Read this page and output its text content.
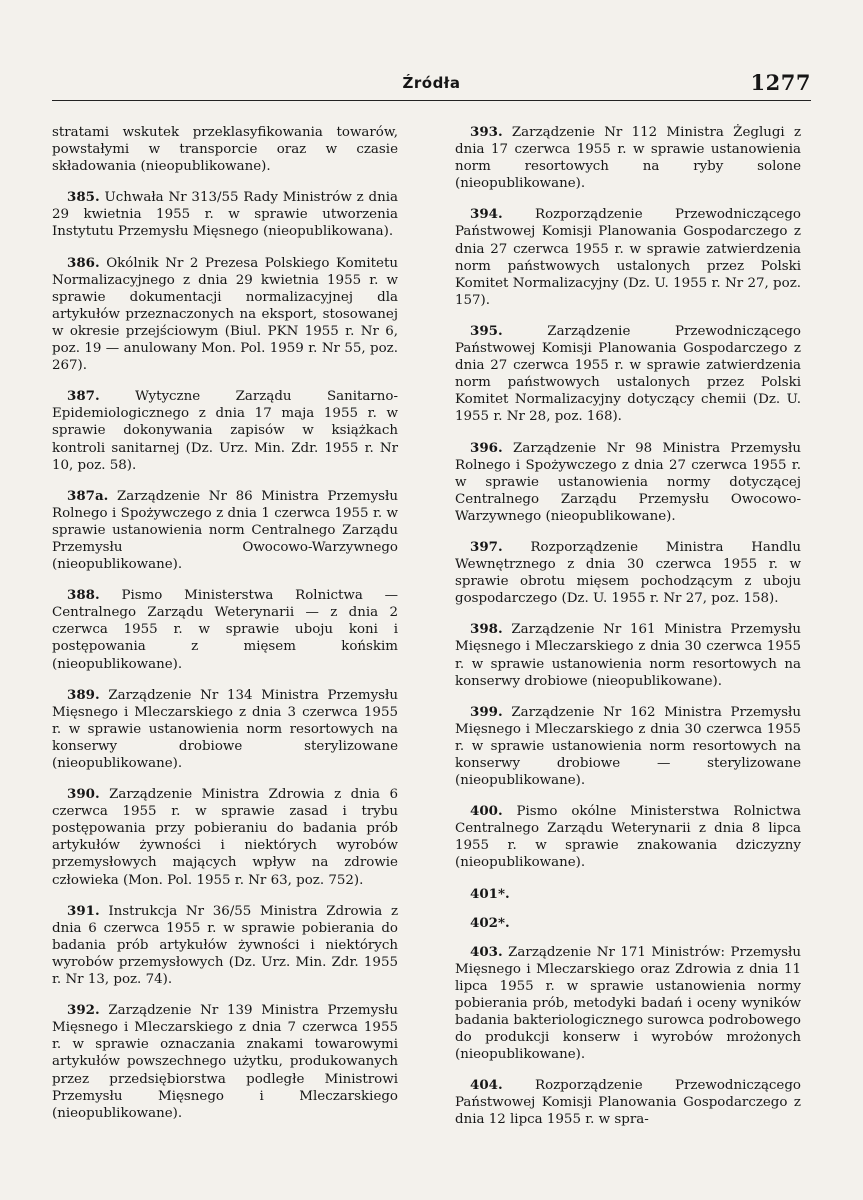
Źródła	1277

stratami wskutek przeklasyfikowania towarów, powstałymi w transporcie oraz w czasie składowania (nieopublikowane).

385. Uchwała Nr 313/55 Rady Ministrów z dnia 29 kwietnia 1955 r. w sprawie utworzenia Instytutu Przemysłu Mięsnego (nieopublikowana).

386. Okólnik Nr 2 Prezesa Polskiego Komitetu Normalizacyjnego z dnia 29 kwietnia 1955 r. w sprawie dokumentacji normalizacyjnej dla artykułów przeznaczonych na eksport, stosowanej w okresie przejściowym (Biul. PKN 1955 r. Nr 6, poz. 19 — anulowany Mon. Pol. 1959 r. Nr 55, poz. 267).

387.	Wytyczne Zarządu Sanitarno-Epidemiologicznego z dnia 17 maja 1955 r. w sprawie dokonywania zapisów w książkach kontroli sanitarnej (Dz. Urz. Min. Zdr. 1955 r. Nr 10, poz. 58).

387a. Zarządzenie Nr 86 Ministra Przemysłu Rolnego i Spożywczego z dnia 1 czerwca 1955 r. w sprawie ustanowienia norm Centralnego Zarządu Przemysłu Owocowo-Warzywnego (nieopublikowane).

388. Pismo Ministerstwa Rolnictwa — Centralnego Zarządu Weterynarii — z dnia 2 czerwca 1955 r. w sprawie uboju koni i postępowania z mięsem końskim (nieopublikowane).

389. Zarządzenie Nr 134 Ministra Przemysłu Mięsnego i Mleczarskiego z dnia 3 czerwca 1955 r. w sprawie ustanowienia norm resortowych na konserwy drobiowe sterylizowane (nieopublikowane).

390. Zarządzenie Ministra Zdrowia z dnia 6 czerwca 1955 r. w sprawie zasad i trybu postępowania przy pobieraniu do badania prób artykułów żywności i niektórych wyrobów przemysłowych mających wpływ na zdrowie człowieka (Mon. Pol. 1955 r. Nr 63, poz. 752).

391. Instrukcja Nr 36/55 Ministra Zdrowia z dnia 6 czerwca 1955 r. w sprawie pobierania do badania prób artykułów żywności i niektórych wyrobów przemysłowych (Dz. Urz. Min. Zdr. 1955 r. Nr 13, poz. 74).

392. Zarządzenie Nr 139 Ministra Przemysłu Mięsnego i Mleczarskiego z dnia 7 czerwca 1955 r. w sprawie oznaczania znakami towarowymi artykułów powszechnego użytku, produkowanych przez przedsiębiorstwa podległe Ministrowi Przemysłu Mięsnego i Mleczarskiego (nieopublikowane).

393. Zarządzenie Nr 112 Ministra Żeglugi z dnia 17 czerwca 1955 r. w sprawie ustanowienia norm resortowych na ryby solone (nieopublikowane).

394. Rozporządzenie Przewodniczącego Państwowej Komisji Planowania Gospodarczego z dnia 27 czerwca 1955 r. w sprawie zatwierdzenia norm państwowych ustalonych przez Polski Komitet Normalizacyjny (Dz. U. 1955 r. Nr 27, poz. 157).

395.	Zarządzenie Przewodniczącego Państwowej Komisji Planowania Gospodarczego z dnia 27 czerwca 1955 r. w sprawie zatwierdzenia norm państwowych ustalonych przez Polski Komitet Normalizacyjny dotyczący chemii (Dz. U. 1955 r. Nr 28, poz. 168).

396. Zarządzenie Nr 98 Ministra Przemysłu Rolnego i Spożywczego z dnia 27 czerwca 1955 r. w sprawie ustanowienia normy dotyczącej Centralnego Zarządu Przemysłu Owocowo-Warzywnego (nieopublikowane).

397. Rozporządzenie Ministra Handlu Wewnętrznego z dnia 30 czerwca 1955 r. w sprawie obrotu mięsem pochodzącym z uboju gospodarczego (Dz. U. 1955 r. Nr 27, poz. 158).

398. Zarządzenie Nr 161 Ministra Przemysłu Mięsnego i Mleczarskiego z dnia 30 czerwca 1955 r. w sprawie ustanowienia norm resortowych na konserwy drobiowe (nieopublikowane).

399. Zarządzenie Nr 162 Ministra Przemysłu Mięsnego i Mleczarskiego z dnia 30 czerwca 1955 r. w sprawie ustanowienia norm resortowych na konserwy drobiowe — sterylizowane (nieopublikowane).

400. Pismo okólne Ministerstwa Rolnictwa Centralnego Zarządu Weterynarii z dnia 8 lipca 1955 r. w sprawie znakowania dziczyzny (nieopublikowane).

401*.

402*.

403. Zarządzenie Nr 171 Ministrów: Przemysłu Mięsnego i Mleczarskiego oraz Zdrowia z dnia 11 lipca 1955 r. w sprawie ustanowienia normy pobierania prób, metodyki badań i oceny wyników badania bakteriologicznego surowca podrobowego do produkcji konserw i wyrobów mrożonych (nieopublikowane).

404. Rozporządzenie Przewodniczącego Państwowej Komisji Planowania Gospodarczego z dnia 12 lipca 1955 r. w spra-
